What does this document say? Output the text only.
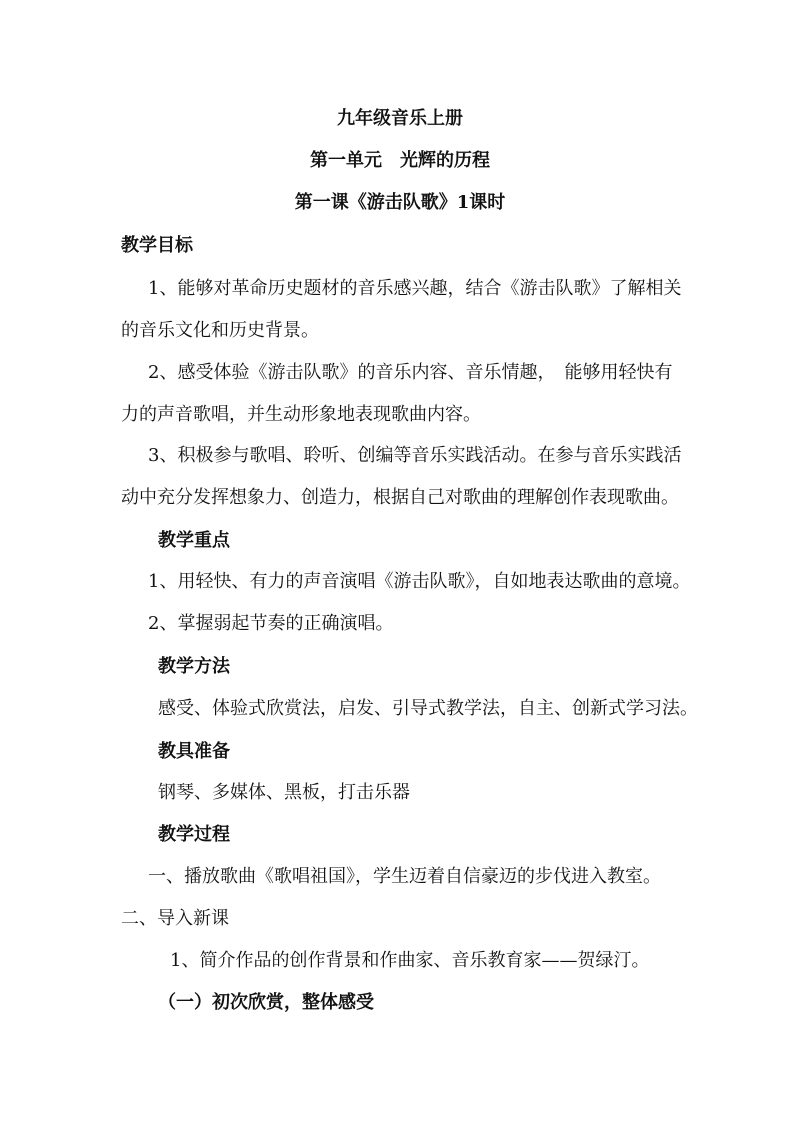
九年级音乐上册
第一单元　光辉的历程
第一课《游击队歌》1课时
教学目标
1、能够对革命历史题材的音乐感兴趣，结合《游击队歌》了解相关
的音乐文化和历史背景。
2、感受体验《游击队歌》的音乐内容、音乐情趣，　能够用轻快有
力的声音歌唱，并生动形象地表现歌曲内容。
3、积极参与歌唱、聆听、创编等音乐实践活动。在参与音乐实践活
动中充分发挥想象力、创造力，根据自己对歌曲的理解创作表现歌曲。
教学重点
1、用轻快、有力的声音演唱《游击队歌》，自如地表达歌曲的意境。
2、掌握弱起节奏的正确演唱。
教学方法
感受、体验式欣赏法，启发、引导式教学法，自主、创新式学习法。
教具准备
钢琴、多媒体、黑板，打击乐器
教学过程
一、播放歌曲《歌唱祖国》，学生迈着自信豪迈的步伐进入教室。
二、导入新课
1、简介作品的创作背景和作曲家、音乐教育家——贺绿汀。
（一）初次欣赏，整体感受
